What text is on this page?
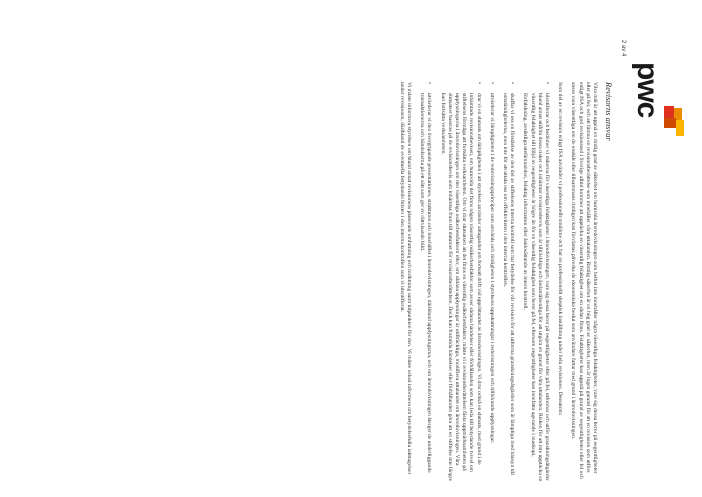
pwc
2 av 4
Revisorns ansvar

Våra mål är att uppnå en rimlig grad av säkerhet om huruvida årsredovisningen som helhet inte innehåller några väsentliga felaktigheter, vare sig dessa beror på oegentligheter eller på fel, och att lämna en revisionsberättelse som innehåller våra uttalanden. Rimlig säkerhet är en hög grad av säkerhet, men är ingen garanti för att en revision som utförs enligt ISA och god revisionssed i Sverige alltid kommer att upptäcka en väsentlig felaktighet om en sådan finns. Felaktigheter kan uppstå på grund av oegentligheter eller fel och anses vara väsentliga om de enskilt eller tillsammans rimligen kan förväntas påverka de ekonomiska beslut som användare fattar med grund i årsredovisningen.

Som del av en revision enligt ISA använder vi professionellt omdöme och har en professionellt skeptisk inställning under hela revisionen. Dessutom:

•
identifierar och bedömer vi riskerna för väsentliga felaktigheter i årsredovisningen, vare sig dessa beror på oegentligheter eller på fel, utformar och utför granskningsåtgärder bland annat utifrån dessa risker och inhämtar revisionsbevis som är tillräckliga och ändamålsenliga för att utgöra en grund för våra uttalanden. Risken för att inte upptäcka en väsentlig felaktighet till följd av oegentligheter är högre än för en väsentlig felaktighet som beror på fel, eftersom oegentligheter kan innefatta agerande i maskopi, förfalskning, avsiktliga utelämnanden, felaktig information eller åsidosättande av intern kontroll.
•
skaffar vi oss en förståelse av den del av stiftelsens interna kontroll som har betydelse för vår revision för att utforma granskningsåtgärder som är lämpliga med hänsyn till omständigheterna, men inte för att uttala oss om effektiviteten i den interna kontrollen.
•
utvärderar vi lämpligheten i de redovisningsprinciper som används och rimligheten i styrelsens uppskattningar i redovisningen och tillhörande upplysningar.
•
drar vi en slutsats om lämpligheten i att styrelsen använder antagandet om fortsatt drift vid upprättandet av årsredovisningen. Vi drar också en slutsats, med grund i de inhämtade revisionsbevisen, om huruvida det finns någon väsentlig osäkerhetsfaktor som avser sådana händelser eller förhållanden som kan leda till betydande tvivel om stiftelsens förmåga att fortsätta verksamheten. Om vi drar slutsatsen att det finns en väsentlig osäkerhetsfaktor, måste vi i revisionsberättelsen fästa uppmärksamheten på upplysningarna i årsredovisningen om den väsentliga osäkerhetsfaktorn eller, om sådana upplysningar är otillräckliga, modifiera uttalandet om årsredovisningen. Våra slutsatser baseras på de revisionsbevis som inhämtas fram till datumet för revisionsberättelsen. Dock kan framtida händelser eller förhållanden göra att en stiftelse inte längre kan fortsätta verksamheten.
•
utvärderar vi den övergripande presentationen, strukturen och innehållet i årsredovisningen, däribland upplysningarna, och om årsredovisningen återger de underliggande transaktionerna och händelserna på ett sätt som ger en rättvisande bild.

Vi måste informera styrelsen om bland annat revisionens planerade omfattning och inriktning samt tidpunkten för den. Vi måste också informera om betydelsefulla iakttagelser under revisionen, däribland de eventuella betydande brister i den interna kontrollen som vi identifierat.
